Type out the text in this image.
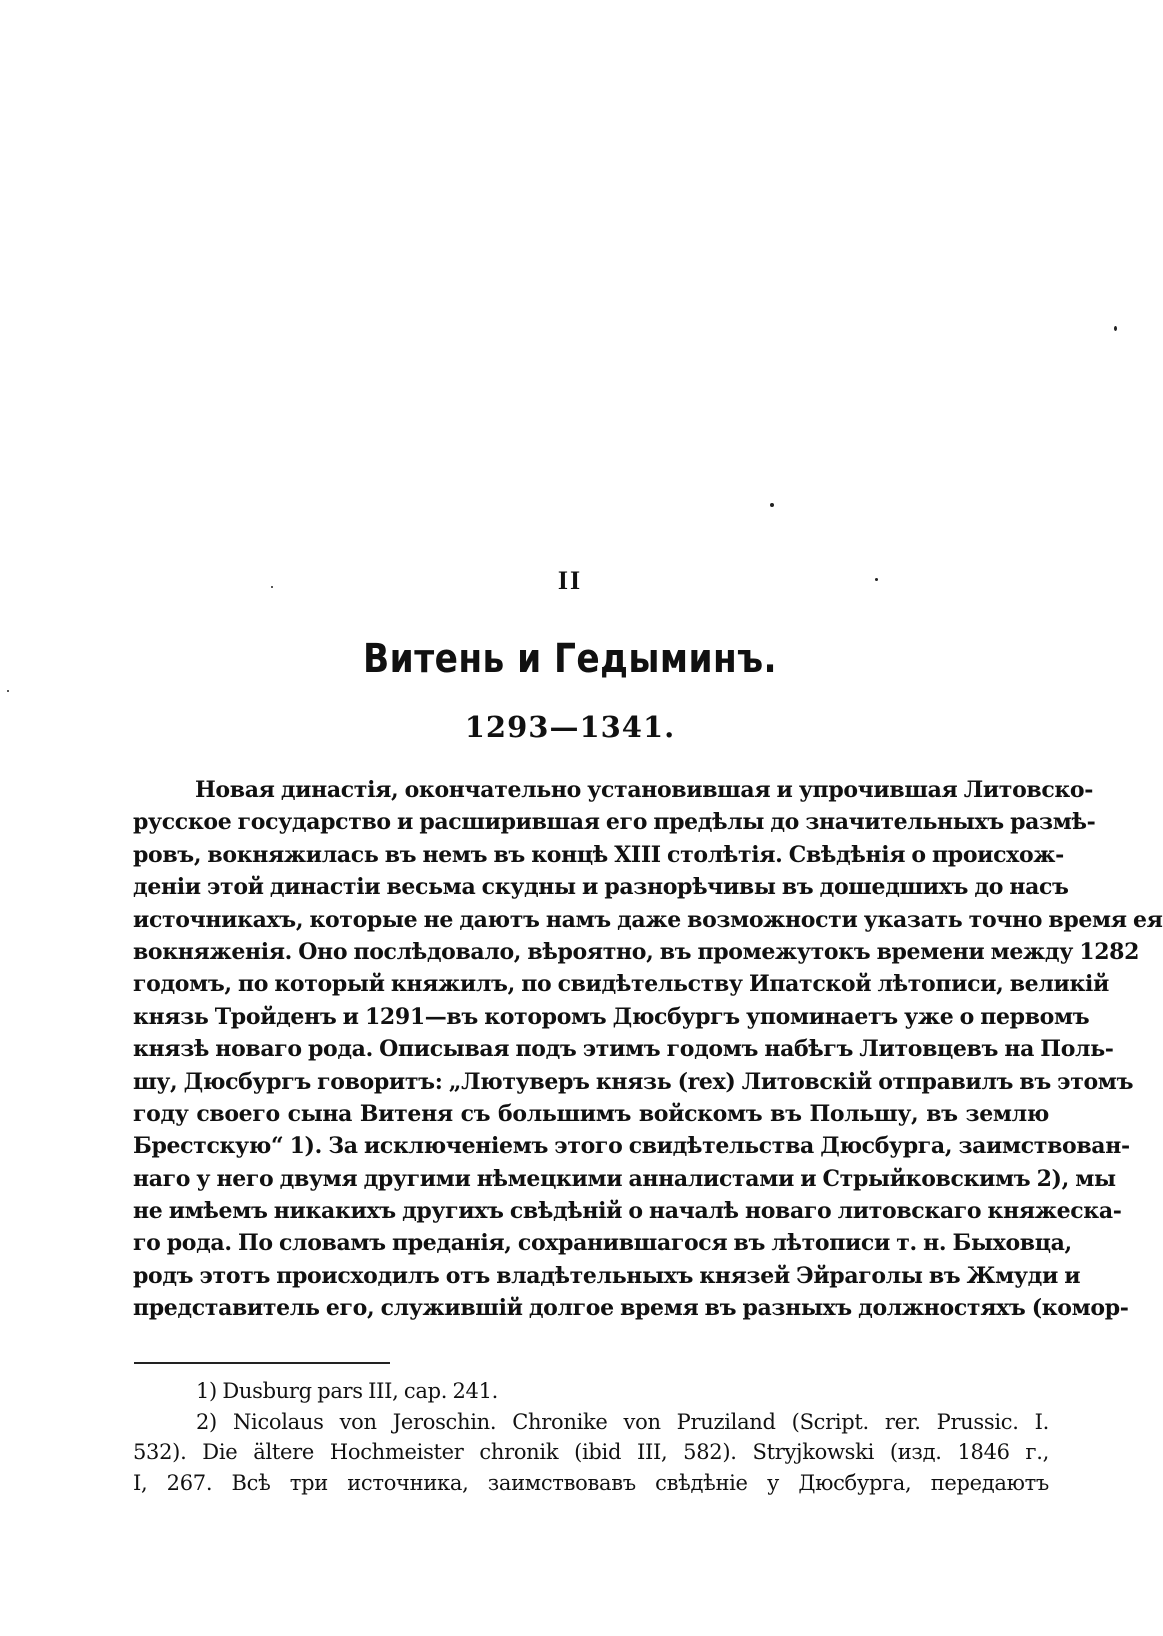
II
Витень и Гедыминъ.
1293—1341.
Новая династія, окончательно установившая и упрочившая Литовско-
русское государство и расширившая его предѣлы до значительныхъ размѣ-
ровъ, вокняжилась въ немъ въ концѣ XIII столѣтія. Свѣдѣнія о происхож-
деніи этой династіи весьма скудны и разнорѣчивы въ дошедшихъ до насъ
источникахъ, которые не даютъ намъ даже возможности указать точно время ея
вокняженія. Оно послѣдовало, вѣроятно, въ промежутокъ времени между 1282
годомъ, по который княжилъ, по свидѣтельству Ипатской лѣтописи, великій
князь Тройденъ и 1291—въ которомъ Дюсбургъ упоминаетъ уже о первомъ
князѣ новаго рода. Описывая подъ этимъ годомъ набѣгъ Литовцевъ на Поль-
шу, Дюсбургъ говоритъ: „Лютуверъ князь (rex) Литовскій отправилъ въ этомъ
году своего сына Витеня съ большимъ войскомъ въ Польшу, въ землю
Брестскую“ 1). За исключеніемъ этого свидѣтельства Дюсбурга, заимствован-
наго у него двумя другими нѣмецкими анналистами и Стрыйковскимъ 2), мы
не имѣемъ никакихъ другихъ свѣдѣній о началѣ новаго литовскаго княжеска-
го рода. По словамъ преданія, сохранившагося въ лѣтописи т. н. Быховца,
родъ этотъ происходилъ отъ владѣтельныхъ князей Эйраголы въ Жмуди и
представитель его, служившій долгое время въ разныхъ должностяхъ (комор-
1) Dusburg pars III, cap. 241.
2) Nicolaus von Jeroschin. Chronike von Pruziland (Script. rer. Prussic. I.
532). Die ältere Hochmeister chronik (ibid III, 582). Stryjkowski (изд. 1846 г.,
I, 267. Всѣ три источника, заимствовавъ свѣдѣніе у Дюсбурга, передаютъ
